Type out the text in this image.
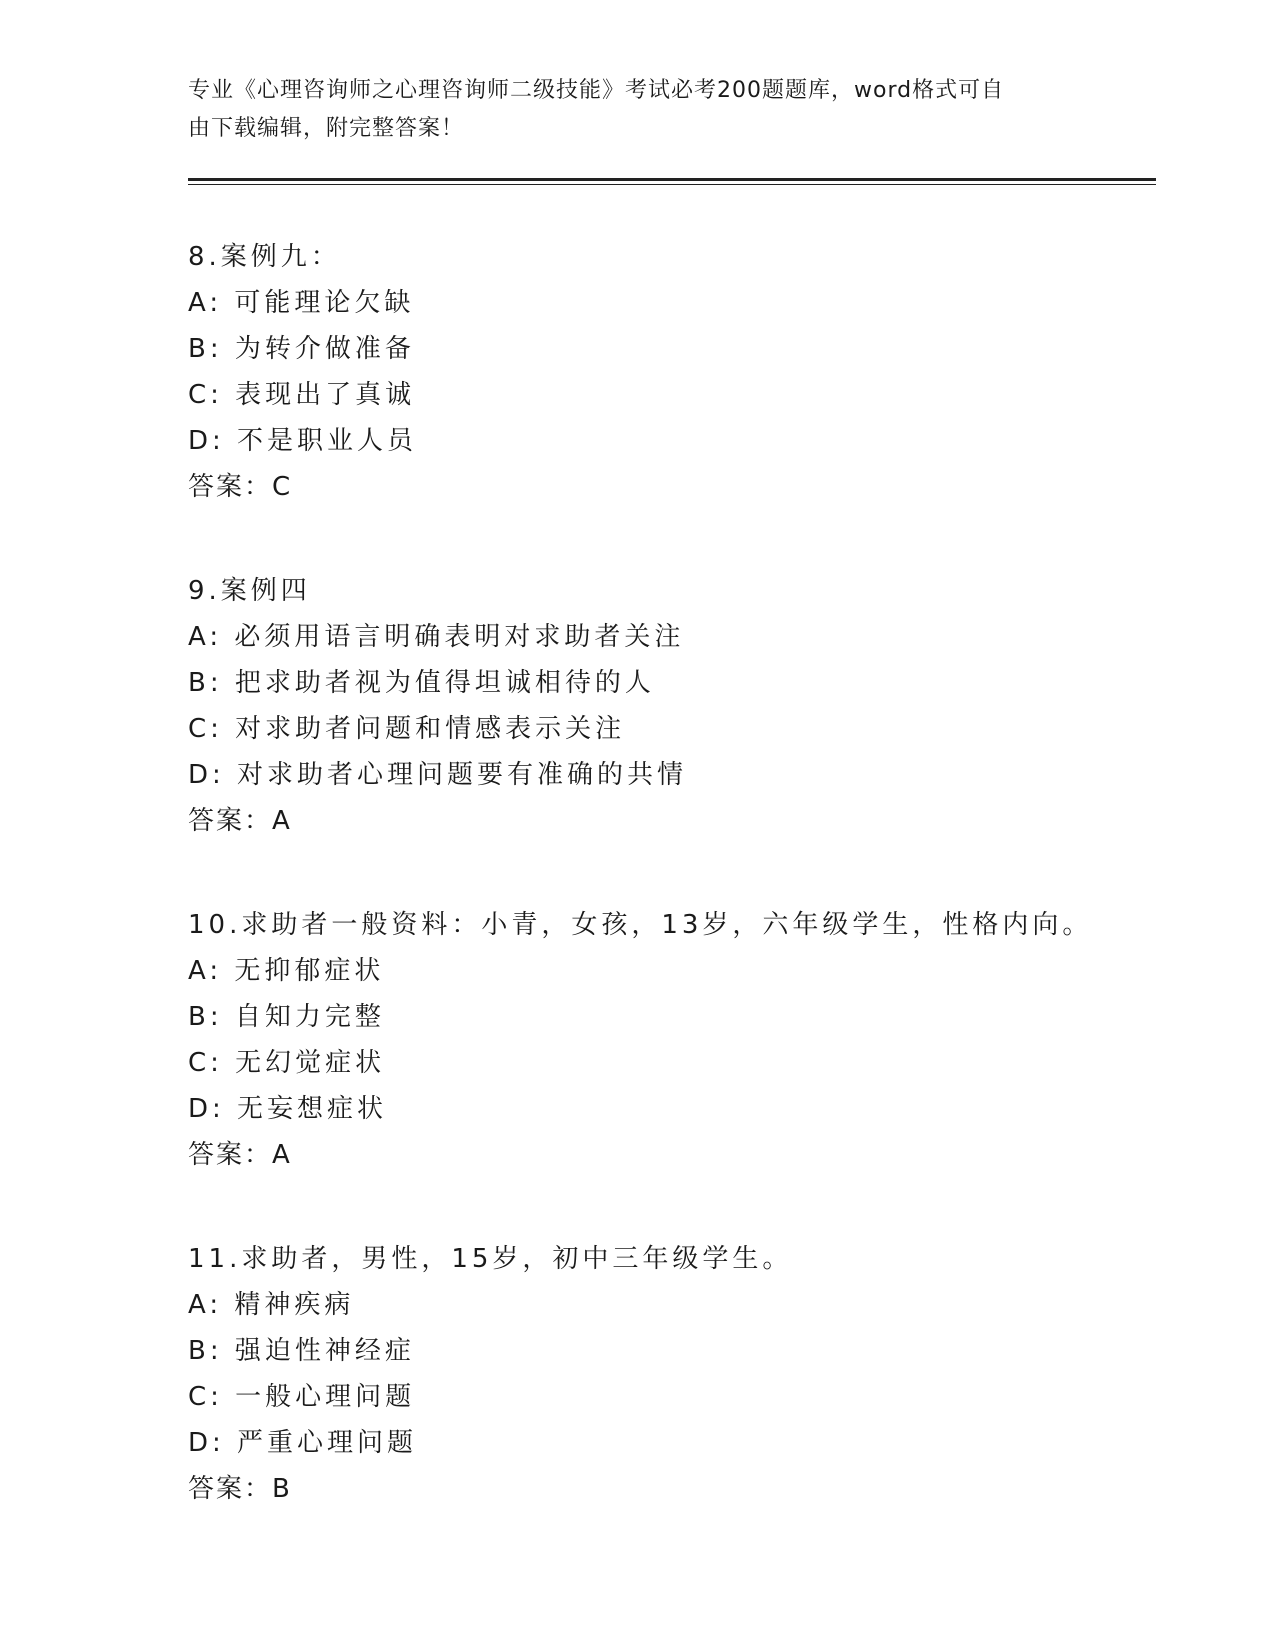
专业《心理咨询师之心理咨询师二级技能》考试必考200题题库，word格式可自
由下载编辑，附完整答案！
8.案例九：
A: 可能理论欠缺
B: 为转介做准备
C: 表现出了真诚
D: 不是职业人员
答案：C
9.案例四
A: 必须用语言明确表明对求助者关注
B: 把求助者视为值得坦诚相待的人
C: 对求助者问题和情感表示关注
D: 对求助者心理问题要有准确的共情
答案：A
10.求助者一般资料：小青，女孩，13岁，六年级学生，性格内向。
A: 无抑郁症状
B: 自知力完整
C: 无幻觉症状
D: 无妄想症状
答案：A
11.求助者，男性，15岁，初中三年级学生。
A: 精神疾病
B: 强迫性神经症
C: 一般心理问题
D: 严重心理问题
答案：B
